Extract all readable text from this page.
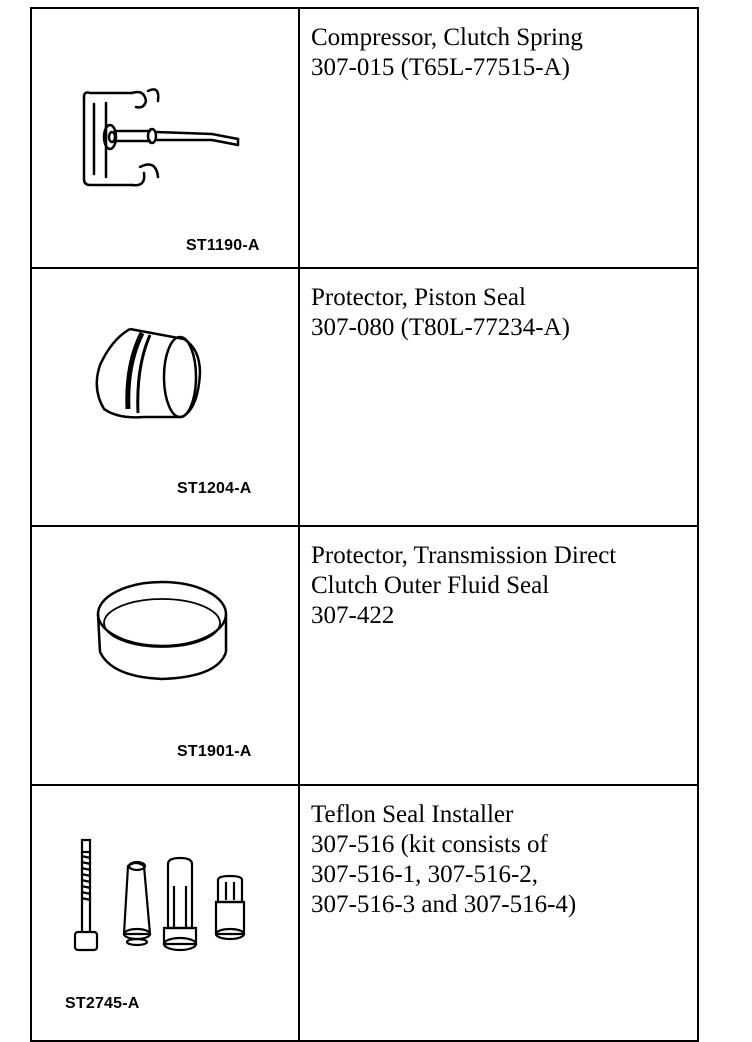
ST1190-A	Compressor, Clutch Spring
307-015 (T65L-77515-A)

ST1204-A	Protector, Piston Seal
307-080 (T80L-77234-A)

ST1901-A	Protector, Transmission Direct
Clutch Outer Fluid Seal
307-422

ST2745-A	Teflon Seal Installer
307-516 (kit consists of
307-516-1, 307-516-2,
307-516-3 and 307-516-4)
